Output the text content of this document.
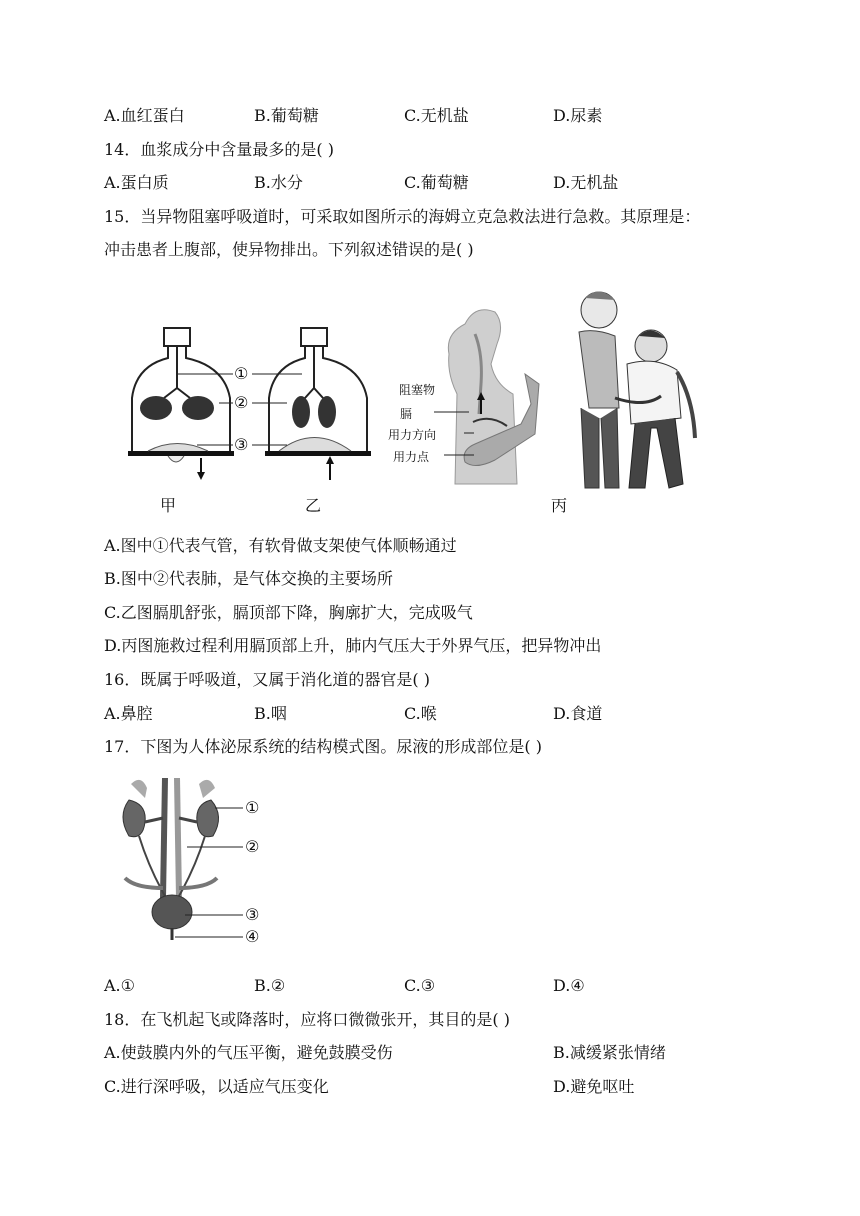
A.血红蛋白	B.葡萄糖	C.无机盐	D.尿素
14．血浆成分中含量最多的是( )
A.蛋白质	B.水分	C.葡萄糖	D.无机盐
15．当异物阻塞呼吸道时，可采取如图所示的海姆立克急救法进行急救。其原理是：
冲击患者上腹部，使异物排出。下列叙述错误的是( )
①
②
③
阻塞物
膈
用力方向
用力点
甲	乙	丙
A.图中①代表气管，有软骨做支架使气体顺畅通过
B.图中②代表肺，是气体交换的主要场所
C.乙图膈肌舒张，膈顶部下降，胸廓扩大，完成吸气
D.丙图施救过程利用膈顶部上升，肺内气压大于外界气压，把异物冲出
16．既属于呼吸道，又属于消化道的器官是( )
A.鼻腔	B.咽	C.喉	D.食道
17．下图为人体泌尿系统的结构模式图。尿液的形成部位是( )
①
②
③
④
A.①	B.②	C.③	D.④
18．在飞机起飞或降落时，应将口微微张开，其目的是( )
A.使鼓膜内外的气压平衡，避免鼓膜受伤	B.减缓紧张情绪
C.进行深呼吸，以适应气压变化	D.避免呕吐
